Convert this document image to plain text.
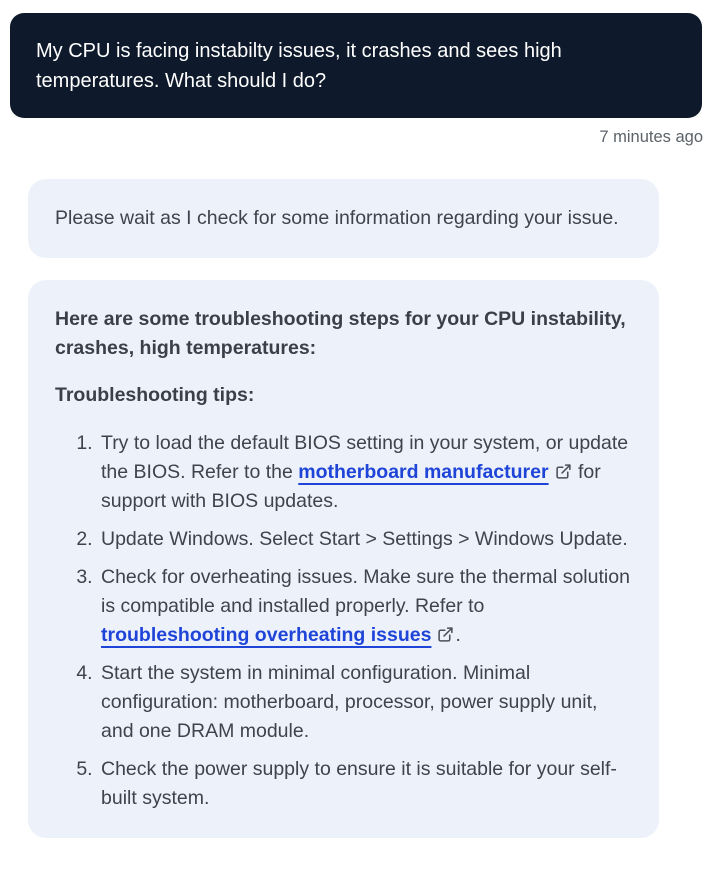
My CPU is facing instabilty issues, it crashes and sees high temperatures. What should I do?

7 minutes ago

Please wait as I check for some information regarding your issue.

Here are some troubleshooting steps for your CPU instability, crashes, high temperatures:

Troubleshooting tips:

1. Try to load the default BIOS setting in your system, or update the BIOS. Refer to the motherboard manufacturer
for support with BIOS updates.
2. Update Windows. Select Start > Settings > Windows Update.
3. Check for overheating issues. Make sure the thermal solution is compatible and installed properly. Refer to troubleshooting overheating issues .
4. Start the system in minimal configuration. Minimal configuration: motherboard, processor, power supply unit, and one DRAM module.
5. Check the power supply to ensure it is suitable for your self-built system.
